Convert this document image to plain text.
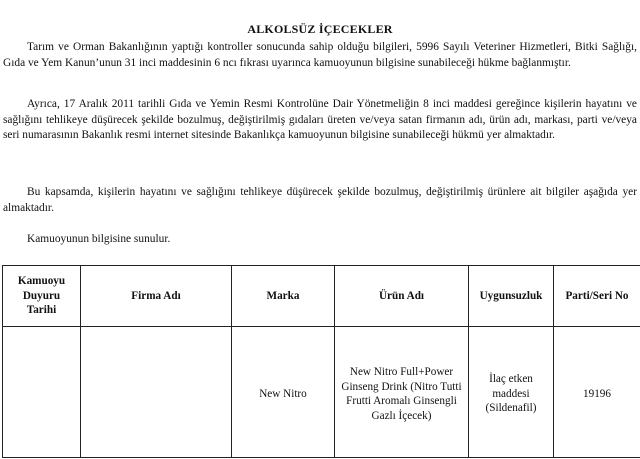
ALKOLSÜZ İÇECEKLER

Tarım ve Orman Bakanlığının yaptığı kontroller sonucunda sahip olduğu bilgileri, 5996 Sayılı Veteriner Hizmetleri, Bitki Sağlığı, Gıda ve Yem Kanun’unun 31 inci maddesinin 6 ncı fıkrası uyarınca kamuoyunun bilgisine sunabileceği hükme bağlanmıştır.

Ayrıca, 17 Aralık 2011 tarihli Gıda ve Yemin Resmi Kontrolüne Dair Yönetmeliğin 8 inci maddesi gereğince kişilerin hayatını ve sağlığını tehlikeye düşürecek şekilde bozulmuş, değiştirilmiş gıdaları üreten ve/veya satan firmanın adı, ürün adı, markası, parti ve/veya seri numarasının Bakanlık resmi internet sitesinde Bakanlıkça kamuoyunun bilgisine sunabileceği hükmü yer almaktadır.

Bu kapsamda, kişilerin hayatını ve sağlığını tehlikeye düşürecek şekilde bozulmuş, değiştirilmiş ürünlere ait bilgiler aşağıda yer almaktadır.

Kamuoyunun bilgisine sunulur.

Kamuoyu Duyuru Tarihi	Firma Adı	Marka	Ürün Adı	Uygunsuzluk	Parti/Seri No
		New Nitro	New Nitro Full+Power Ginseng Drink (Nitro Tutti Frutti Aromalı Ginsengli Gazlı İçecek)	İlaç etken maddesi (Sildenafil)	19196
